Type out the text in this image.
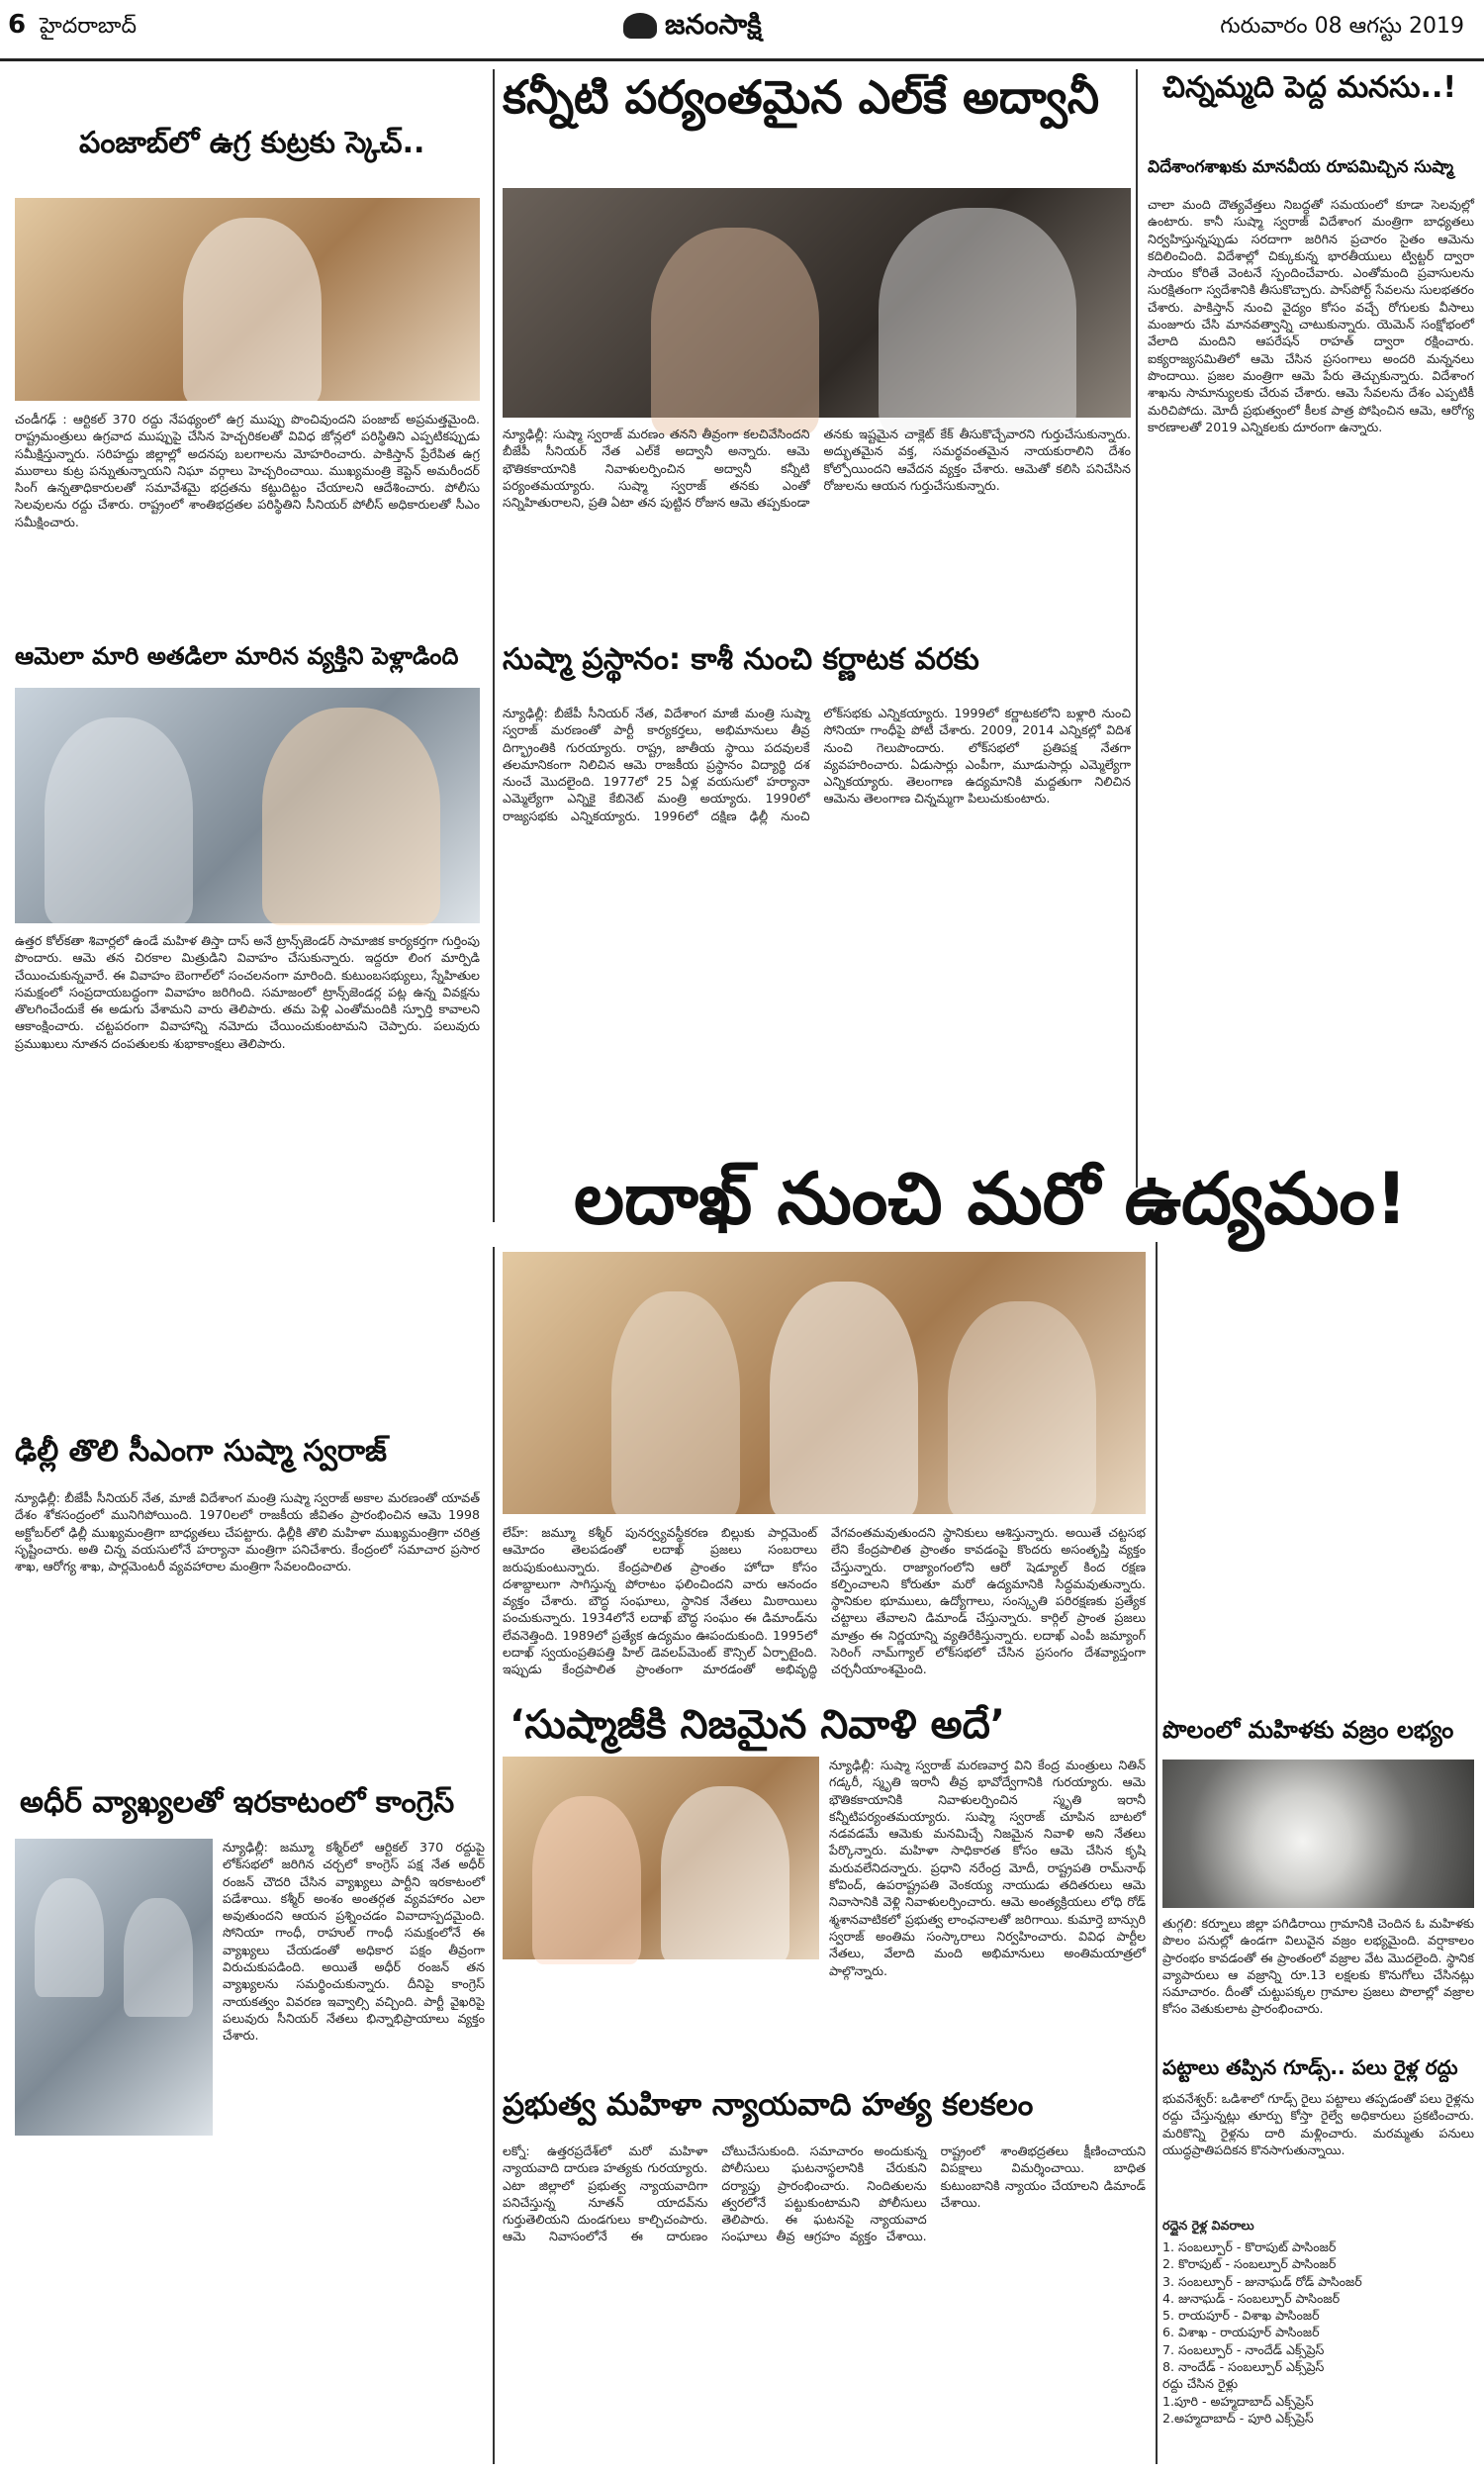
6 హైదరాబాద్	జనంసాక్షి	గురువారం 08 ఆగస్టు 2019
పంజాబ్‌లో ఉగ్ర కుట్రకు స్కెచ్‌..
చండీగఢ్‌ : ఆర్టికల్‌ 370 రద్దు నేపథ్యంలో ఉగ్ర ముప్పు పొంచివుందని పంజాబ్‌ అప్రమత్తమైంది. రాష్ట్రమంత్రులు ఉగ్రవాద ముప్పుపై చేసిన హెచ్చరికలతో వివిధ జోన్లలో పరిస్థితిని ఎప్పటికప్పుడు సమీక్షిస్తున్నారు. సరిహద్దు జిల్లాల్లో అదనపు బలగాలను మోహరించారు. పాకిస్తాన్‌ ప్రేరేపిత ఉగ్ర ముఠాలు కుట్ర పన్నుతున్నాయని నిఘా వర్గాలు హెచ్చరించాయి. ముఖ్యమంత్రి కెప్టెన్‌ అమరీందర్‌ సింగ్‌ ఉన్నతాధికారులతో సమావేశమై భద్రతను కట్టుదిట్టం చేయాలని ఆదేశించారు. పోలీసు సెలవులను రద్దు చేశారు. రాష్ట్రంలో శాంతిభద్రతల పరిస్థితిని సీనియర్‌ పోలీస్‌ అధికారులతో సీఎం సమీక్షించారు.
ఆమెలా మారి అతడిలా మారిన వ్యక్తిని పెళ్లాడింది
ఉత్తర కోల్‌కతా శివార్లలో ఉండే మహిళ తిస్తా దాస్‌ అనే ట్రాన్స్‌జెండర్‌ సామాజిక కార్యకర్తగా గుర్తింపు పొందారు. ఆమె తన చిరకాల మిత్రుడిని వివాహం చేసుకున్నారు. ఇద్దరూ లింగ మార్పిడి చేయించుకున్నవారే. ఈ వివాహం బెంగాల్‌లో సంచలనంగా మారింది. కుటుంబసభ్యులు, స్నేహితుల సమక్షంలో సంప్రదాయబద్ధంగా వివాహం జరిగింది. సమాజంలో ట్రాన్స్‌జెండర్ల పట్ల ఉన్న వివక్షను తొలగించేందుకే ఈ అడుగు వేశామని వారు తెలిపారు. తమ పెళ్లి ఎంతోమందికి స్ఫూర్తి కావాలని ఆకాంక్షించారు. చట్టపరంగా వివాహాన్ని నమోదు చేయించుకుంటామని చెప్పారు. పలువురు ప్రముఖులు నూతన దంపతులకు శుభాకాంక్షలు తెలిపారు.
ఢిల్లీ తొలి సీఎంగా సుష్మా స్వరాజ్‌
న్యూఢిల్లీ: బీజేపీ సీనియర్‌ నేత, మాజీ విదేశాంగ మంత్రి సుష్మా స్వరాజ్‌ అకాల మరణంతో యావత్‌ దేశం శోకసంద్రంలో మునిగిపోయింది. 1970లలో రాజకీయ జీవితం ప్రారంభించిన ఆమె 1998 అక్టోబర్‌లో ఢిల్లీ ముఖ్యమంత్రిగా బాధ్యతలు చేపట్టారు. ఢిల్లీకి తొలి మహిళా ముఖ్యమంత్రిగా చరిత్ర సృష్టించారు. అతి చిన్న వయసులోనే హర్యానా మంత్రిగా పనిచేశారు. కేంద్రంలో సమాచార ప్రసార శాఖ, ఆరోగ్య శాఖ, పార్లమెంటరీ వ్యవహారాల మంత్రిగా సేవలందించారు.
అధీర్‌ వ్యాఖ్యలతో ఇరకాటంలో కాంగ్రెస్‌
న్యూఢిల్లీ: జమ్మూ కశ్మీర్‌లో ఆర్టికల్‌ 370 రద్దుపై లోక్‌సభలో జరిగిన చర్చలో కాంగ్రెస్‌ పక్ష నేత అధీర్‌ రంజన్‌ చౌదరి చేసిన వ్యాఖ్యలు పార్టీని ఇరకాటంలో పడేశాయి. కశ్మీర్‌ అంశం అంతర్గత వ్యవహారం ఎలా అవుతుందని ఆయన ప్రశ్నించడం వివాదాస్పదమైంది. సోనియా గాంధీ, రాహుల్‌ గాంధీ సమక్షంలోనే ఈ వ్యాఖ్యలు చేయడంతో అధికార పక్షం తీవ్రంగా విరుచుకుపడింది. అయితే అధీర్‌ రంజన్‌ తన వ్యాఖ్యలను సమర్థించుకున్నారు. దీనిపై కాంగ్రెస్‌ నాయకత్వం వివరణ ఇవ్వాల్సి వచ్చింది. పార్టీ వైఖరిపై పలువురు సీనియర్‌ నేతలు భిన్నాభిప్రాయాలు వ్యక్తం చేశారు.
కన్నీటి పర్యంతమైన ఎల్‌కే అద్వానీ
న్యూఢిల్లీ: సుష్మా స్వరాజ్‌ మరణం తనని తీవ్రంగా కలచివేసిందని బీజేపీ సీనియర్‌ నేత ఎల్‌కే అద్వానీ అన్నారు. ఆమె భౌతికకాయానికి నివాళులర్పించిన అద్వానీ కన్నీటి పర్యంతమయ్యారు. సుష్మా స్వరాజ్‌ తనకు ఎంతో సన్నిహితురాలని, ప్రతి ఏటా తన పుట్టిన రోజున ఆమె తప్పకుండా తనకు ఇష్టమైన చాక్లెట్‌ కేక్‌ తీసుకొచ్చేవారని గుర్తుచేసుకున్నారు. అద్భుతమైన వక్త, సమర్థవంతమైన నాయకురాలిని దేశం కోల్పోయిందని ఆవేదన వ్యక్తం చేశారు. ఆమెతో కలిసి పనిచేసిన రోజులను ఆయన గుర్తుచేసుకున్నారు.
సుష్మా ప్రస్థానం: కాశీ నుంచి కర్ణాటక వరకు
న్యూఢిల్లీ: బీజేపీ సీనియర్‌ నేత, విదేశాంగ మాజీ మంత్రి సుష్మా స్వరాజ్‌ మరణంతో పార్టీ కార్యకర్తలు, అభిమానులు తీవ్ర దిగ్భ్రాంతికి గురయ్యారు. రాష్ట్ర, జాతీయ స్థాయి పదవులకే తలమానికంగా నిలిచిన ఆమె రాజకీయ ప్రస్థానం విద్యార్థి దశ నుంచే మొదలైంది. 1977లో 25 ఏళ్ల వయసులో హర్యానా ఎమ్మెల్యేగా ఎన్నికై కేబినెట్‌ మంత్రి అయ్యారు. 1990లో రాజ్యసభకు ఎన్నికయ్యారు. 1996లో దక్షిణ ఢిల్లీ నుంచి లోక్‌సభకు ఎన్నికయ్యారు. 1999లో కర్ణాటకలోని బళ్లారి నుంచి సోనియా గాంధీపై పోటీ చేశారు. 2009, 2014 ఎన్నికల్లో విదిశ నుంచి గెలుపొందారు. లోక్‌సభలో ప్రతిపక్ష నేతగా వ్యవహరించారు. ఏడుసార్లు ఎంపీగా, మూడుసార్లు ఎమ్మెల్యేగా ఎన్నికయ్యారు. తెలంగాణ ఉద్యమానికి మద్దతుగా నిలిచిన ఆమెను తెలంగాణ చిన్నమ్మగా పిలుచుకుంటారు.
చిన్నమ్మది పెద్ద మనసు..!
విదేశాంగశాఖకు మానవీయ రూపమిచ్చిన సుష్మా
చాలా మంది దౌత్యవేత్తలు నిబద్ధతో సమయంలో కూడా సెలవుల్లో ఉంటారు. కానీ సుష్మా స్వరాజ్‌ విదేశాంగ మంత్రిగా బాధ్యతలు నిర్వహిస్తున్నప్పుడు సరదాగా జరిగిన ప్రచారం సైతం ఆమెను కదిలించింది. విదేశాల్లో చిక్కుకున్న భారతీయులు ట్విట్టర్‌ ద్వారా సాయం కోరితే వెంటనే స్పందించేవారు. ఎంతోమంది ప్రవాసులను సురక్షితంగా స్వదేశానికి తీసుకొచ్చారు. పాస్‌పోర్ట్‌ సేవలను సులభతరం చేశారు. పాకిస్తాన్‌ నుంచి వైద్యం కోసం వచ్చే రోగులకు వీసాలు మంజూరు చేసి మానవత్వాన్ని చాటుకున్నారు. యెమెన్‌ సంక్షోభంలో వేలాది మందిని ఆపరేషన్‌ రాహత్‌ ద్వారా రక్షించారు. ఐక్యరాజ్యసమితిలో ఆమె చేసిన ప్రసంగాలు అందరి మన్ననలు పొందాయి. ప్రజల మంత్రిగా ఆమె పేరు తెచ్చుకున్నారు. విదేశాంగ శాఖను సామాన్యులకు చేరువ చేశారు. ఆమె సేవలను దేశం ఎప్పటికీ మరిచిపోదు. మోదీ ప్రభుత్వంలో కీలక పాత్ర పోషించిన ఆమె, ఆరోగ్య కారణాలతో 2019 ఎన్నికలకు దూరంగా ఉన్నారు.
లదాఖ్‌ నుంచి మరో ఉద్యమం!
లేహ్‌: జమ్మూ కశ్మీర్‌ పునర్వ్యవస్థీకరణ బిల్లుకు పార్లమెంట్‌ ఆమోదం తెలపడంతో లదాఖ్‌ ప్రజలు సంబరాలు జరుపుకుంటున్నారు. కేంద్రపాలిత ప్రాంతం హోదా కోసం దశాబ్దాలుగా సాగిస్తున్న పోరాటం ఫలించిందని వారు ఆనందం వ్యక్తం చేశారు. బౌద్ధ సంఘాలు, స్థానిక నేతలు మిఠాయిలు పంచుకున్నారు. 1934లోనే లదాఖ్‌ బౌద్ధ సంఘం ఈ డిమాండ్‌ను లేవనెత్తింది. 1989లో ప్రత్యేక ఉద్యమం ఊపందుకుంది. 1995లో లదాఖ్‌ స్వయంప్రతిపత్తి హిల్‌ డెవలప్‌మెంట్‌ కౌన్సిల్‌ ఏర్పాటైంది. ఇప్పుడు కేంద్రపాలిత ప్రాంతంగా మారడంతో అభివృద్ధి వేగవంతమవుతుందని స్థానికులు ఆశిస్తున్నారు. అయితే చట్టసభ లేని కేంద్రపాలిత ప్రాంతం కావడంపై కొందరు అసంతృప్తి వ్యక్తం చేస్తున్నారు. రాజ్యాంగంలోని ఆరో షెడ్యూల్‌ కింద రక్షణ కల్పించాలని కోరుతూ మరో ఉద్యమానికి సిద్ధమవుతున్నారు. స్థానికుల భూములు, ఉద్యోగాలు, సంస్కృతి పరిరక్షణకు ప్రత్యేక చట్టాలు తేవాలని డిమాండ్‌ చేస్తున్నారు. కార్గిల్‌ ప్రాంత ప్రజలు మాత్రం ఈ నిర్ణయాన్ని వ్యతిరేకిస్తున్నారు. లదాఖ్‌ ఎంపీ జమ్యాంగ్‌ సెరింగ్‌ నామ్‌గ్యాల్‌ లోక్‌సభలో చేసిన ప్రసంగం దేశవ్యాప్తంగా చర్చనీయాంశమైంది.
‘సుష్మాజీకి నిజమైన నివాళి అదే’
న్యూఢిల్లీ: సుష్మా స్వరాజ్‌ మరణవార్త విని కేంద్ర మంత్రులు నితిన్‌ గడ్కరీ, స్మృతి ఇరానీ తీవ్ర భావోద్వేగానికి గురయ్యారు. ఆమె భౌతికకాయానికి నివాళులర్పించిన స్మృతి ఇరానీ కన్నీటిపర్యంతమయ్యారు. సుష్మా స్వరాజ్‌ చూపిన బాటలో నడవడమే ఆమెకు మనమిచ్చే నిజమైన నివాళి అని నేతలు పేర్కొన్నారు. మహిళా సాధికారత కోసం ఆమె చేసిన కృషి మరువలేనిదన్నారు. ప్రధాని నరేంద్ర మోదీ, రాష్ట్రపతి రామ్‌నాథ్‌ కోవింద్‌, ఉపరాష్ట్రపతి వెంకయ్య నాయుడు తదితరులు ఆమె నివాసానికి వెళ్లి నివాళులర్పించారు. ఆమె అంత్యక్రియలు లోధి రోడ్‌ శ్మశానవాటికలో ప్రభుత్వ లాంఛనాలతో జరిగాయి. కుమార్తె బాన్సురి స్వరాజ్‌ అంతిమ సంస్కారాలు నిర్వహించారు. వివిధ పార్టీల నేతలు, వేలాది మంది అభిమానులు అంతిమయాత్రలో పాల్గొన్నారు.
ప్రభుత్వ మహిళా న్యాయవాది హత్య కలకలం
లక్నో: ఉత్తరప్రదేశ్‌లో మరో మహిళా న్యాయవాది దారుణ హత్యకు గురయ్యారు. ఎటా జిల్లాలో ప్రభుత్వ న్యాయవాదిగా పనిచేస్తున్న నూతన్‌ యాదవ్‌ను గుర్తుతెలియని దుండగులు కాల్చిచంపారు. ఆమె నివాసంలోనే ఈ దారుణం చోటుచేసుకుంది. సమాచారం అందుకున్న పోలీసులు ఘటనాస్థలానికి చేరుకుని దర్యాప్తు ప్రారంభించారు. నిందితులను త్వరలోనే పట్టుకుంటామని పోలీసులు తెలిపారు. ఈ ఘటనపై న్యాయవాద సంఘాలు తీవ్ర ఆగ్రహం వ్యక్తం చేశాయి. రాష్ట్రంలో శాంతిభద్రతలు క్షీణించాయని విపక్షాలు విమర్శించాయి. బాధిత కుటుంబానికి న్యాయం చేయాలని డిమాండ్‌ చేశాయి.
పొలంలో మహిళకు వజ్రం లభ్యం
తుగ్గలి: కర్నూలు జిల్లా పగిడిరాయి గ్రామానికి చెందిన ఓ మహిళకు పొలం పనుల్లో ఉండగా విలువైన వజ్రం లభ్యమైంది. వర్షాకాలం ప్రారంభం కావడంతో ఈ ప్రాంతంలో వజ్రాల వేట మొదలైంది. స్థానిక వ్యాపారులు ఆ వజ్రాన్ని రూ.13 లక్షలకు కొనుగోలు చేసినట్లు సమాచారం. దీంతో చుట్టుపక్కల గ్రామాల ప్రజలు పొలాల్లో వజ్రాల కోసం వెతుకులాట ప్రారంభించారు.
పట్టాలు తప్పిన గూడ్స్‌.. పలు రైళ్ల రద్దు
భువనేశ్వర్‌: ఒడిశాలో గూడ్స్‌ రైలు పట్టాలు తప్పడంతో పలు రైళ్లను రద్దు చేస్తున్నట్లు తూర్పు కోస్తా రైల్వే అధికారులు ప్రకటించారు. మరికొన్ని రైళ్లను దారి మళ్లించారు. మరమ్మతు పనులు యుద్ధప్రాతిపదికన కొనసాగుతున్నాయి.
రద్దైన రైళ్ల వివరాలు
1. సంబల్పూర్‌ - కొరాపుట్‌ పాసింజర్‌
2. కొరాపుట్‌ - సంబల్పూర్‌ పాసింజర్‌
3. సంబల్పూర్‌ - జునాఘడ్‌ రోడ్‌ పాసింజర్‌
4. జునాఘడ్‌ - సంబల్పూర్‌ పాసింజర్‌
5. రాయపూర్‌ - విశాఖ పాసింజర్‌
6. విశాఖ - రాయపూర్‌ పాసింజర్‌
7. సంబల్పూర్‌ - నాందేడ్‌ ఎక్స్‌ప్రెస్‌
8. నాందేడ్‌ - సంబల్పూర్‌ ఎక్స్‌ప్రెస్‌
రద్దు చేసిన రైళ్లు
1.పూరి - అహ్మదాబాద్‌ ఎక్స్‌ప్రెస్‌
2.అహ్మదాబాద్‌ - పూరి ఎక్స్‌ప్రెస్‌
